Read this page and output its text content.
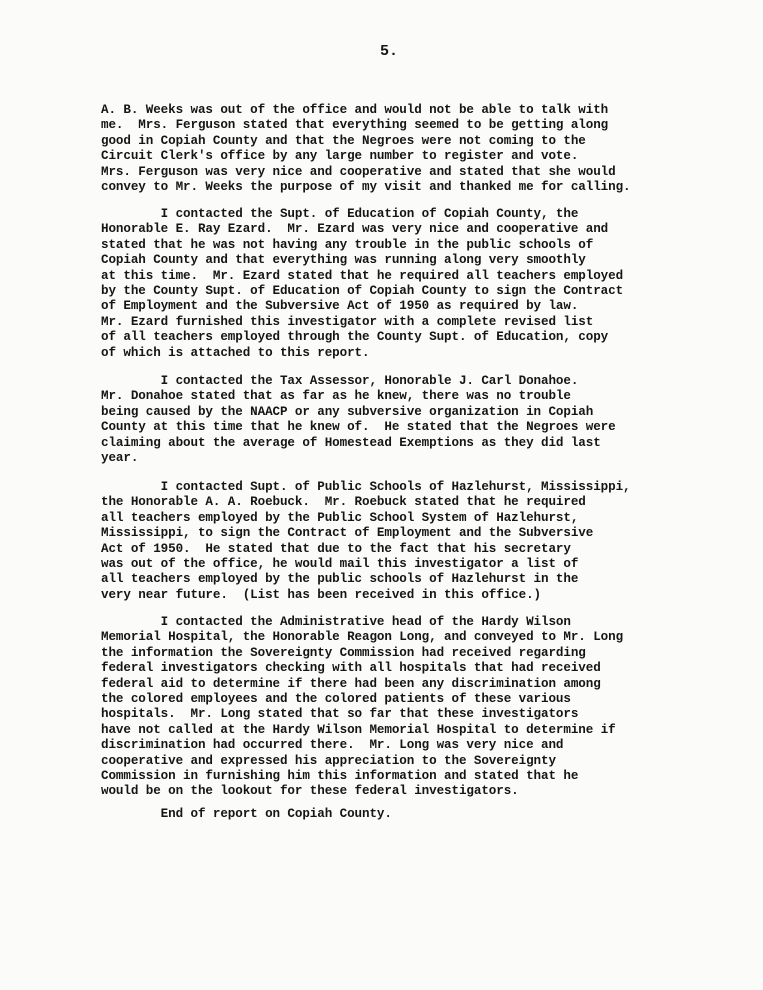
5.

A. B. Weeks was out of the office and would not be able to talk with
me.  Mrs. Ferguson stated that everything seemed to be getting along
good in Copiah County and that the Negroes were not coming to the
Circuit Clerk's office by any large number to register and vote.
Mrs. Ferguson was very nice and cooperative and stated that she would
convey to Mr. Weeks the purpose of my visit and thanked me for calling.

I contacted the Supt. of Education of Copiah County, the
Honorable E. Ray Ezard.  Mr. Ezard was very nice and cooperative and
stated that he was not having any trouble in the public schools of
Copiah County and that everything was running along very smoothly
at this time.  Mr. Ezard stated that he required all teachers employed
by the County Supt. of Education of Copiah County to sign the Contract
of Employment and the Subversive Act of 1950 as required by law.
Mr. Ezard furnished this investigator with a complete revised list
of all teachers employed through the County Supt. of Education, copy
of which is attached to this report.

I contacted the Tax Assessor, Honorable J. Carl Donahoe.
Mr. Donahoe stated that as far as he knew, there was no trouble
being caused by the NAACP or any subversive organization in Copiah
County at this time that he knew of.  He stated that the Negroes were
claiming about the average of Homestead Exemptions as they did last
year.

I contacted Supt. of Public Schools of Hazlehurst, Mississippi,
the Honorable A. A. Roebuck.  Mr. Roebuck stated that he required
all teachers employed by the Public School System of Hazlehurst,
Mississippi, to sign the Contract of Employment and the Subversive
Act of 1950.  He stated that due to the fact that his secretary
was out of the office, he would mail this investigator a list of
all teachers employed by the public schools of Hazlehurst in the
very near future.  (List has been received in this office.)

I contacted the Administrative head of the Hardy Wilson
Memorial Hospital, the Honorable Reagon Long, and conveyed to Mr. Long
the information the Sovereignty Commission had received regarding
federal investigators checking with all hospitals that had received
federal aid to determine if there had been any discrimination among
the colored employees and the colored patients of these various
hospitals.  Mr. Long stated that so far that these investigators
have not called at the Hardy Wilson Memorial Hospital to determine if
discrimination had occurred there.  Mr. Long was very nice and
cooperative and expressed his appreciation to the Sovereignty
Commission in furnishing him this information and stated that he
would be on the lookout for these federal investigators.

End of report on Copiah County.
